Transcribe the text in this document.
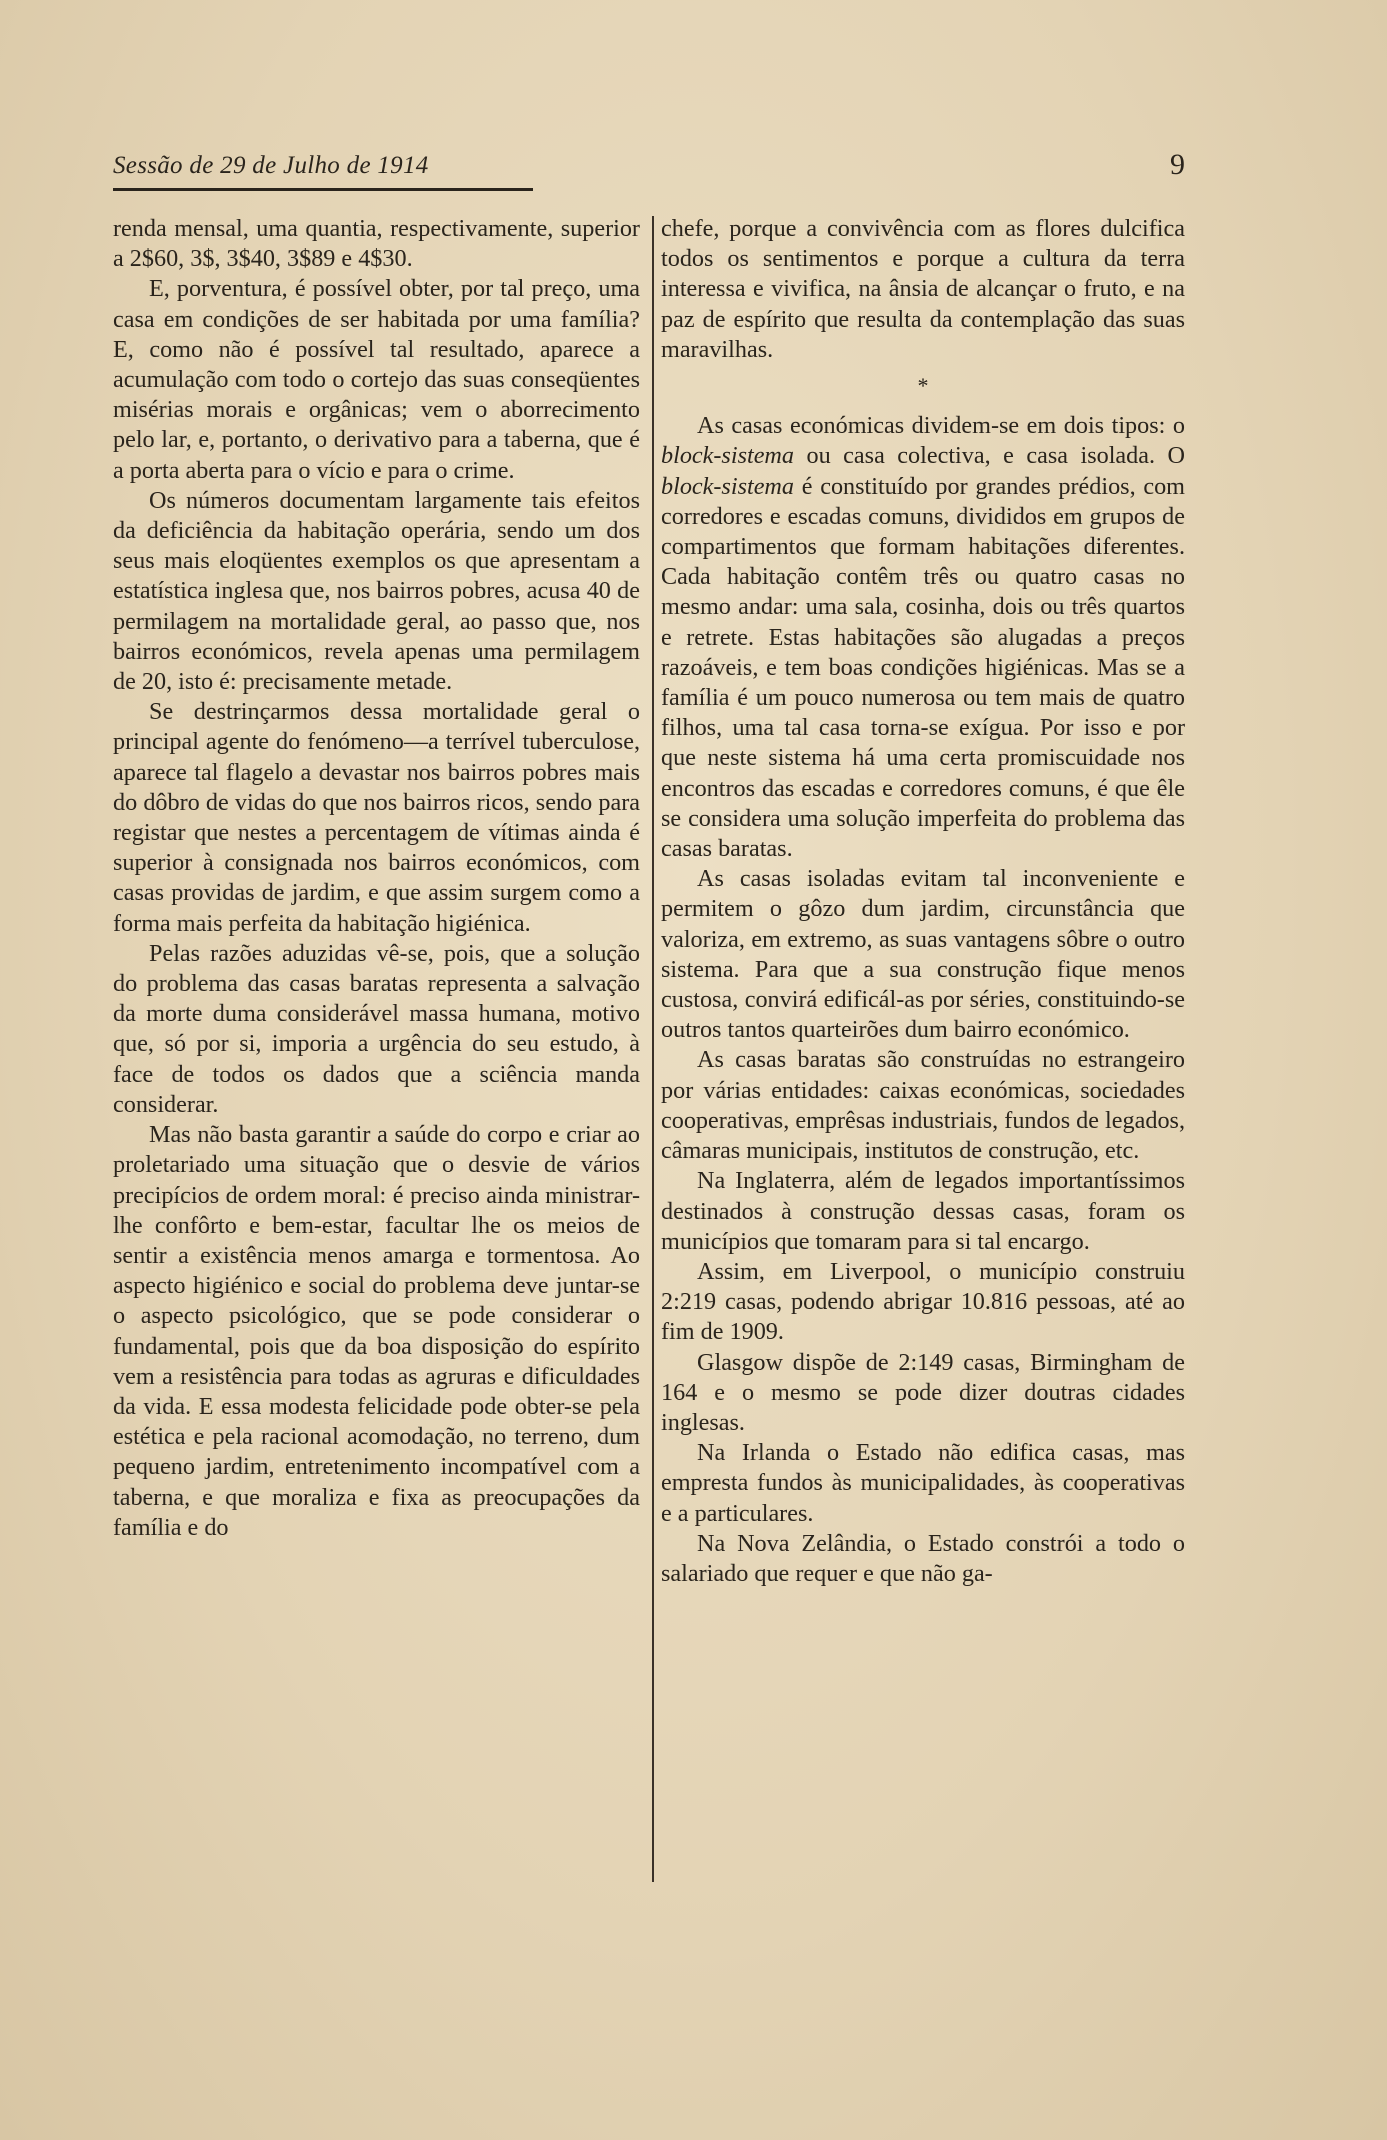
Sessão de 29 de Julho de 1914	9

renda mensal, uma quantia, respectivamente, superior a 2$60, 3$, 3$40, 3$89 e 4$30.

E, porventura, é possível obter, por tal preço, uma casa em condições de ser habitada por uma família? E, como não é possível tal resultado, aparece a acumulação com todo o cortejo das suas conseqüentes misérias morais e orgânicas; vem o aborrecimento pelo lar, e, portanto, o derivativo para a taberna, que é a porta aberta para o vício e para o crime.

Os números documentam largamente tais efeitos da deficiência da habitação operária, sendo um dos seus mais eloqüentes exemplos os que apresentam a estatística inglesa que, nos bairros pobres, acusa 40 de permilagem na mortalidade geral, ao passo que, nos bairros económicos, revela apenas uma permilagem de 20, isto é: precisamente metade.

Se destrinçarmos dessa mortalidade geral o principal agente do fenómeno—a terrível tuberculose, aparece tal flagelo a devastar nos bairros pobres mais do dôbro de vidas do que nos bairros ricos, sendo para registar que nestes a percentagem de vítimas ainda é superior à consignada nos bairros económicos, com casas providas de jardim, e que assim surgem como a forma mais perfeita da habitação higiénica.

Pelas razões aduzidas vê-se, pois, que a solução do problema das casas baratas representa a salvação da morte duma considerável massa humana, motivo que, só por si, imporia a urgência do seu estudo, à face de todos os dados que a sciência manda considerar.

Mas não basta garantir a saúde do corpo e criar ao proletariado uma situação que o desvie de vários precipícios de ordem moral: é preciso ainda ministrar-lhe confôrto e bem-estar, facultar lhe os meios de sentir a existência menos amarga e tormentosa. Ao aspecto higiénico e social do problema deve juntar-se o aspecto psicológico, que se pode considerar o fundamental, pois que da boa disposição do espírito vem a resistência para todas as agruras e dificuldades da vida. E essa modesta felicidade pode obter-se pela estética e pela racional acomodação, no terreno, dum pequeno jardim, entretenimento incompatível com a taberna, e que moraliza e fixa as preocupações da família e do

chefe, porque a convivência com as flores dulcifica todos os sentimentos e porque a cultura da terra interessa e vivifica, na ânsia de alcançar o fruto, e na paz de espírito que resulta da contemplação das suas maravilhas.

*

As casas económicas dividem-se em dois tipos: o block-sistema ou casa colectiva, e casa isolada. O block-sistema é constituído por grandes prédios, com corredores e escadas comuns, divididos em grupos de compartimentos que formam habitações diferentes. Cada habitação contêm três ou quatro casas no mesmo andar: uma sala, cosinha, dois ou três quartos e retrete. Estas habitações são alugadas a preços razoáveis, e tem boas condições higiénicas. Mas se a família é um pouco numerosa ou tem mais de quatro filhos, uma tal casa torna-se exígua. Por isso e por que neste sistema há uma certa promiscuidade nos encontros das escadas e corredores comuns, é que êle se considera uma solução imperfeita do problema das casas baratas.

As casas isoladas evitam tal inconveniente e permitem o gôzo dum jardim, circunstância que valoriza, em extremo, as suas vantagens sôbre o outro sistema. Para que a sua construção fique menos custosa, convirá edificál-as por séries, constituindo-se outros tantos quarteirões dum bairro económico.

As casas baratas são construídas no estrangeiro por várias entidades: caixas económicas, sociedades cooperativas, emprêsas industriais, fundos de legados, câmaras municipais, institutos de construção, etc.

Na Inglaterra, além de legados importantíssimos destinados à construção dessas casas, foram os municípios que tomaram para si tal encargo.

Assim, em Liverpool, o município construiu 2:219 casas, podendo abrigar 10.816 pessoas, até ao fim de 1909.

Glasgow dispõe de 2:149 casas, Birmingham de 164 e o mesmo se pode dizer doutras cidades inglesas.

Na Irlanda o Estado não edifica casas, mas empresta fundos às municipalidades, às cooperativas e a particulares.

Na Nova Zelândia, o Estado constrói a todo o salariado que requer e que não ga-
